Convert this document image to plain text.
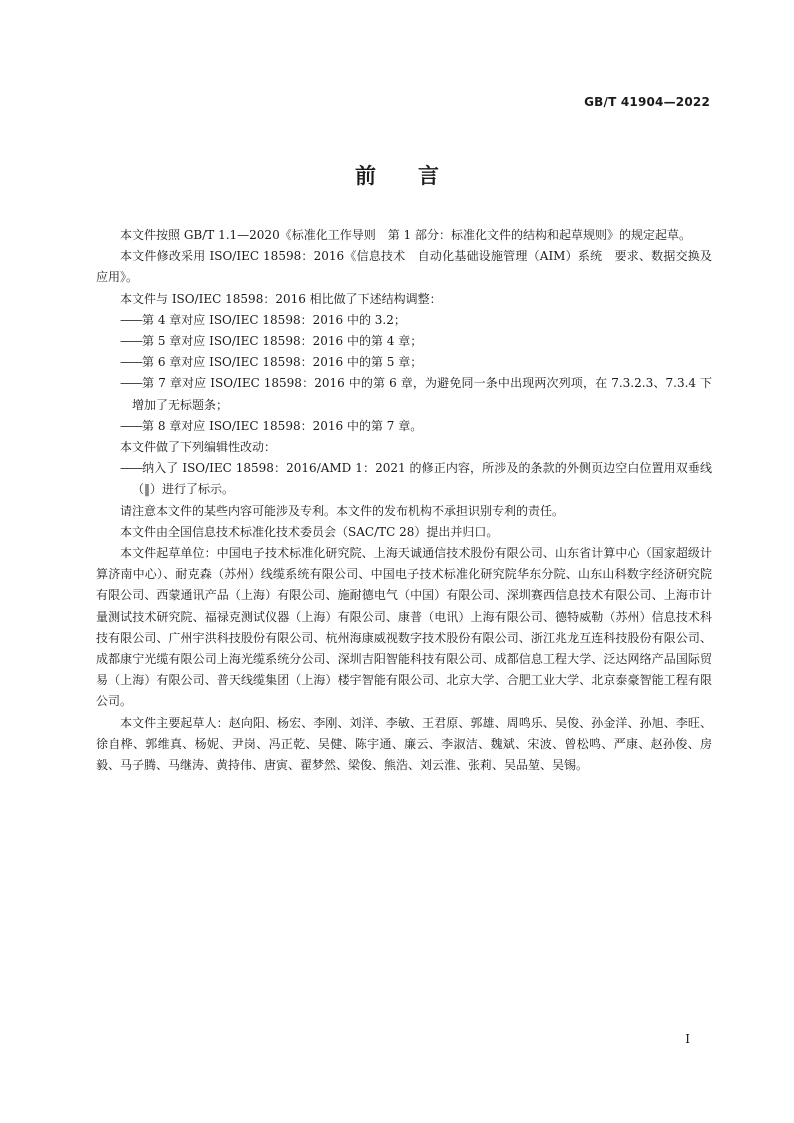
GB/T 41904—2022
前　　言

本文件按照 GB/T 1.1—2020《标准化工作导则　第 1 部分：标准化文件的结构和起草规则》的规定起草。

本文件修改采用 ISO/IEC 18598：2016《信息技术　自动化基础设施管理（AIM）系统　要求、数据交换及应用》。

本文件与 ISO/IEC 18598：2016 相比做了下述结构调整：

——第 4 章对应 ISO/IEC 18598：2016 中的 3.2；

——第 5 章对应 ISO/IEC 18598：2016 中的第 4 章；

——第 6 章对应 ISO/IEC 18598：2016 中的第 5 章；

——第 7 章对应 ISO/IEC 18598：2016 中的第 6 章，为避免同一条中出现两次列项，在 7.3.2.3、7.3.4 下增加了无标题条；

——第 8 章对应 ISO/IEC 18598：2016 中的第 7 章。

本文件做了下列编辑性改动：

——纳入了 ISO/IEC 18598：2016/AMD 1：2021 的修正内容，所涉及的条款的外侧页边空白位置用双垂线（‖）进行了标示。

请注意本文件的某些内容可能涉及专利。本文件的发布机构不承担识别专利的责任。

本文件由全国信息技术标准化技术委员会（SAC/TC 28）提出并归口。

本文件起草单位：中国电子技术标准化研究院、上海天诚通信技术股份有限公司、山东省计算中心（国家超级计算济南中心）、耐克森（苏州）线缆系统有限公司、中国电子技术标准化研究院华东分院、山东山科数字经济研究院有限公司、西蒙通讯产品（上海）有限公司、施耐德电气（中国）有限公司、深圳赛西信息技术有限公司、上海市计量测试技术研究院、福禄克测试仪器（上海）有限公司、康普（电讯）上海有限公司、德特威勒（苏州）信息技术科技有限公司、广州宇洪科技股份有限公司、杭州海康威视数字技术股份有限公司、浙江兆龙互连科技股份有限公司、成都康宁光缆有限公司上海光缆系统分公司、深圳吉阳智能科技有限公司、成都信息工程大学、泛达网络产品国际贸易（上海）有限公司、普天线缆集团（上海）楼宇智能有限公司、北京大学、合肥工业大学、北京泰豪智能工程有限公司。

本文件主要起草人：赵向阳、杨宏、李刚、刘洋、李敏、王君原、郭雄、周鸣乐、吴俊、孙金洋、孙旭、李旺、徐自桦、郭维真、杨妮、尹岗、冯正乾、吴健、陈宇通、廉云、李淑洁、魏斌、宋波、曾松鸣、严康、赵孙俊、房毅、马子腾、马继涛、黄持伟、唐寅、翟梦然、梁俊、熊浩、刘云淮、张莉、吴品堃、吴锡。

I
